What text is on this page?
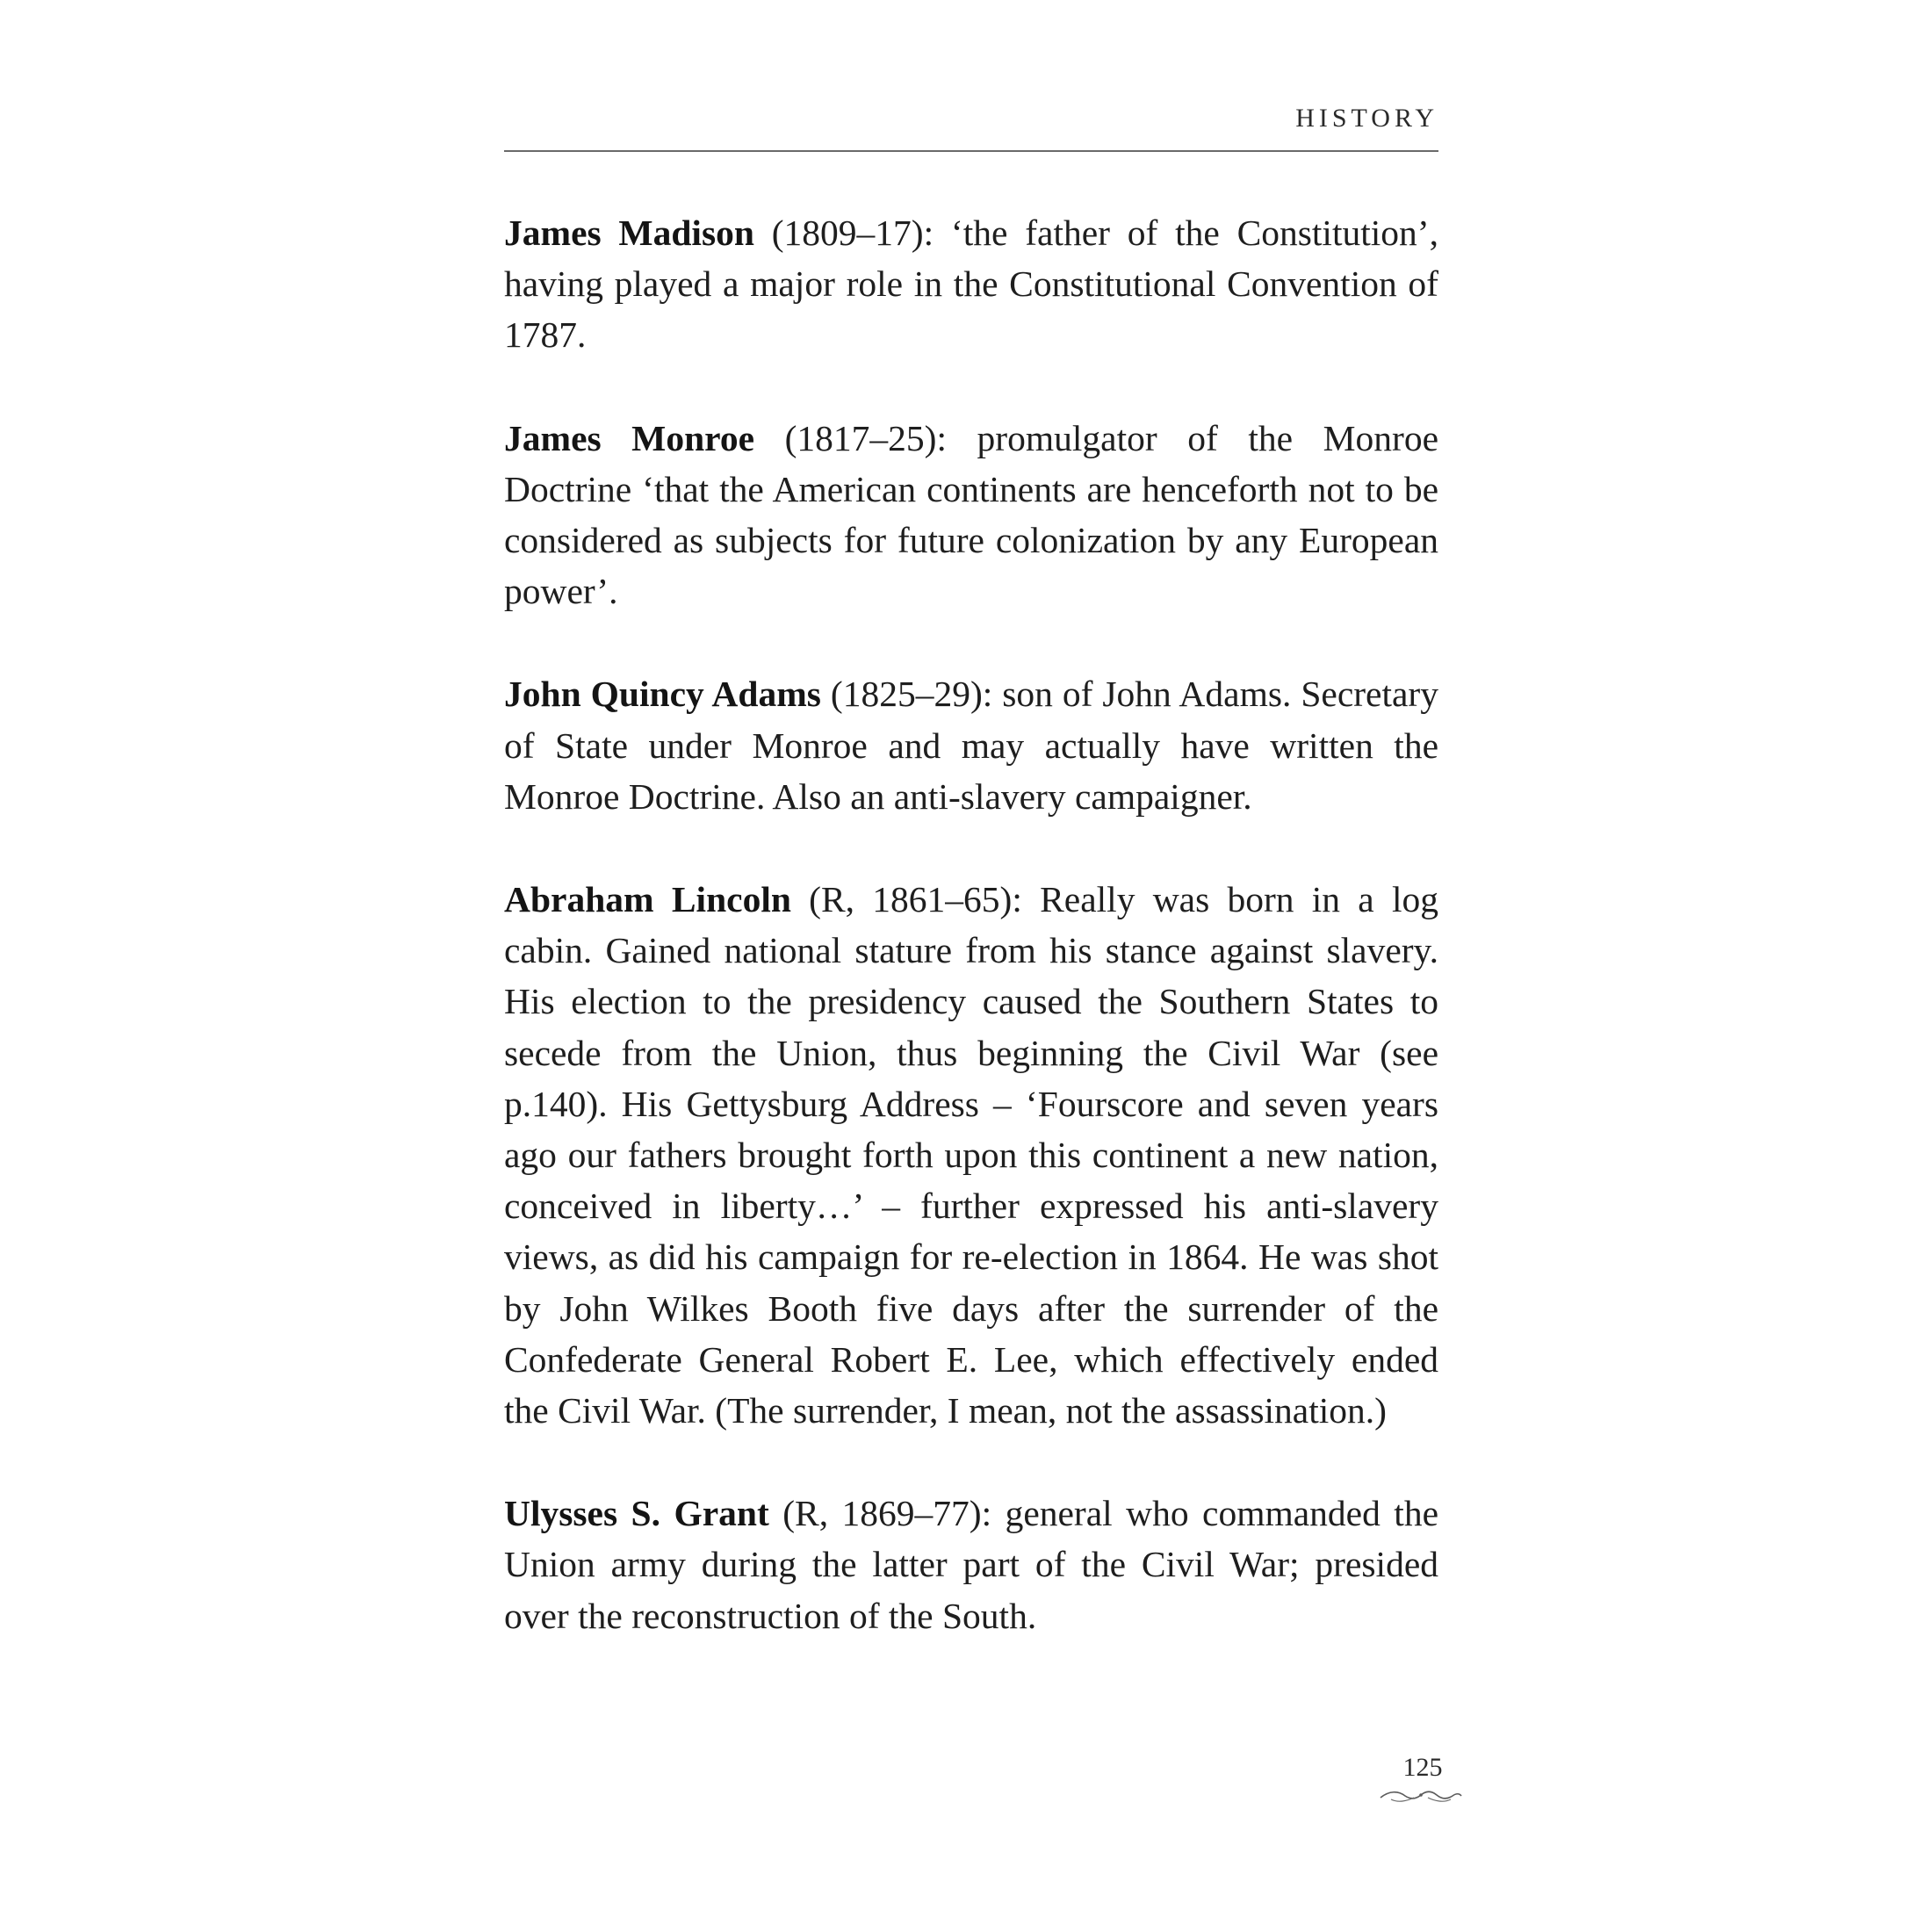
HISTORY

James Madison (1809–17): ‘the father of the Constitution’, having played a major role in the Constitutional Convention of 1787.

James Monroe (1817–25): promulgator of the Monroe Doctrine ‘that the American continents are henceforth not to be considered as subjects for future colonization by any European power’.

John Quincy Adams (1825–29): son of John Adams. Secretary of State under Monroe and may actually have written the Monroe Doctrine. Also an anti-slavery campaigner.

Abraham Lincoln (R, 1861–65): Really was born in a log cabin. Gained national stature from his stance against slavery. His election to the presidency caused the Southern States to secede from the Union, thus beginning the Civil War (see p.140). His Gettysburg Address – ‘Fourscore and seven years ago our fathers brought forth upon this continent a new nation, conceived in liberty…’ – further expressed his anti-slavery views, as did his campaign for re-election in 1864. He was shot by John Wilkes Booth five days after the surrender of the Confederate General Robert E. Lee, which effectively ended the Civil War. (The surrender, I mean, not the assassination.)

Ulysses S. Grant (R, 1869–77): general who commanded the Union army during the latter part of the Civil War; presided over the reconstruction of the South.

125
